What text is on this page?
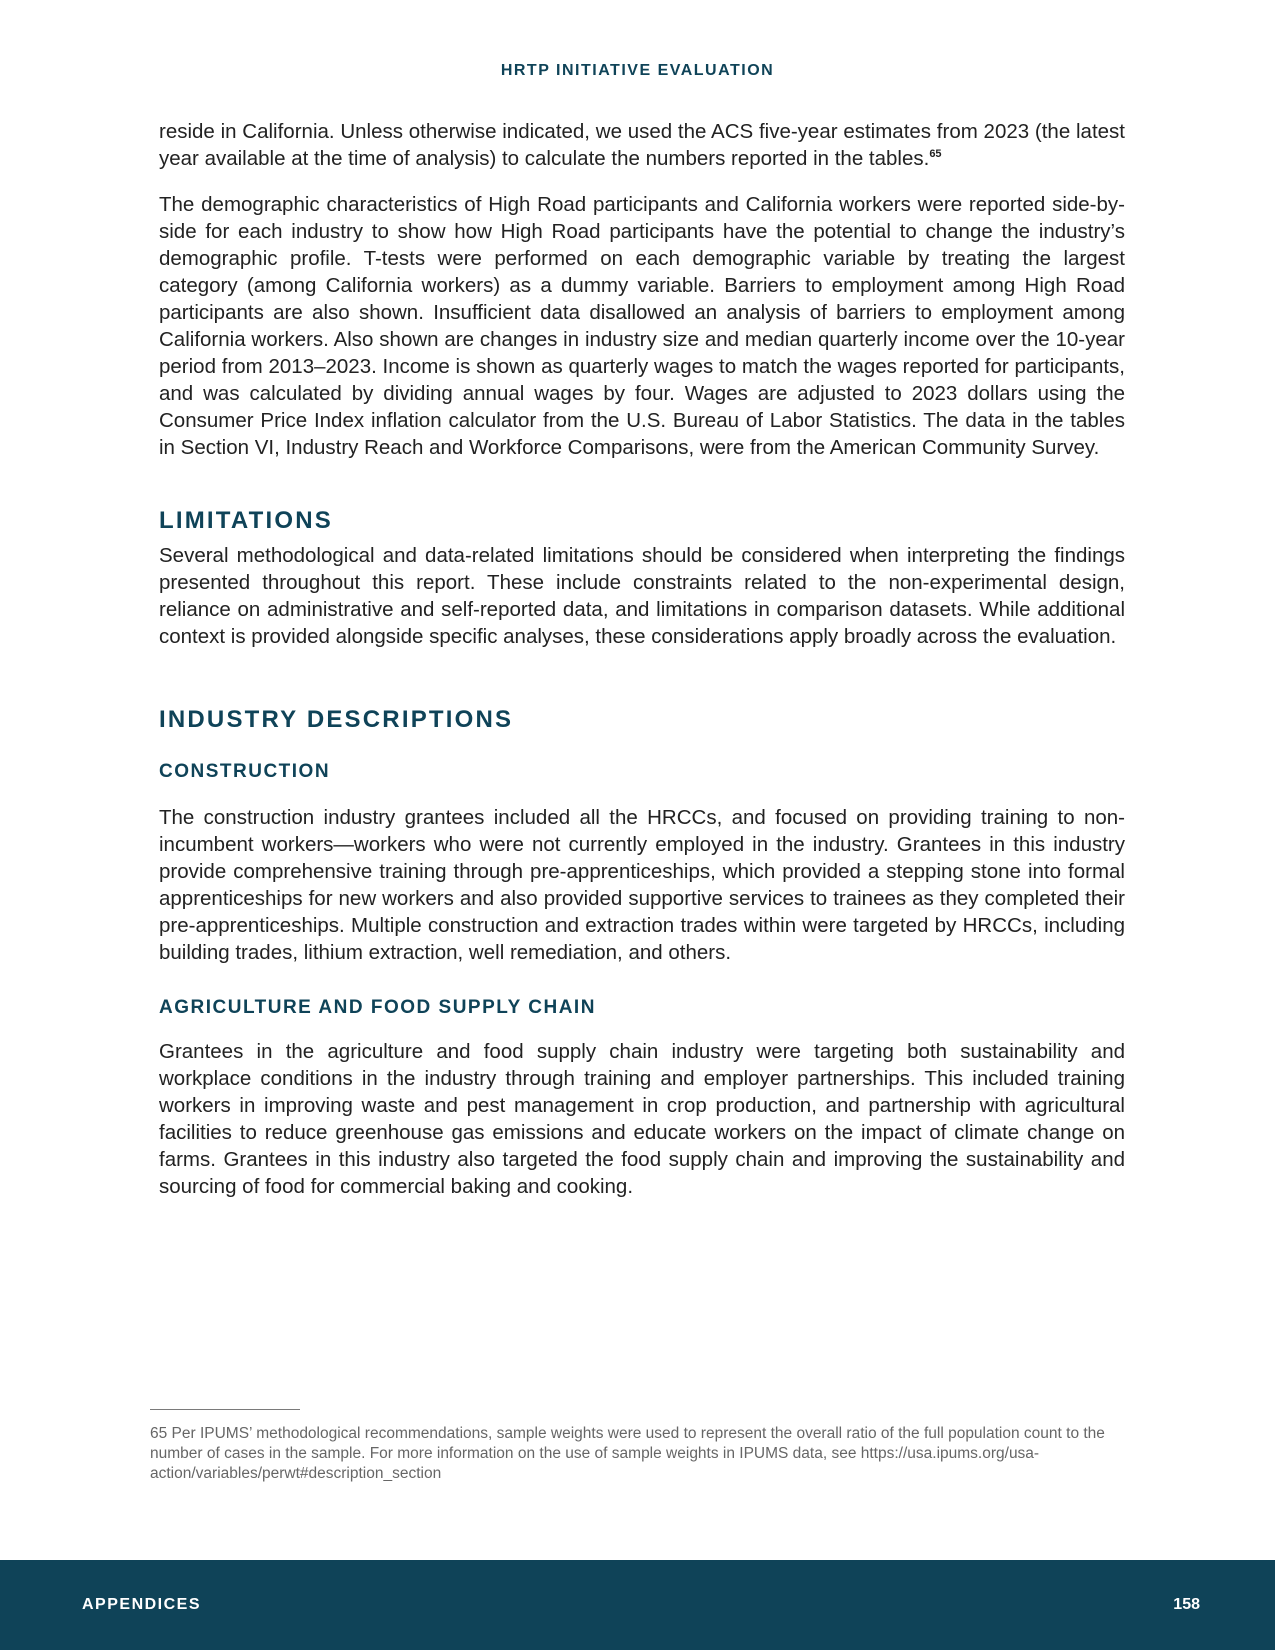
HRTP INITIATIVE EVALUATION

reside in California. Unless otherwise indicated, we used the ACS five-year estimates from 2023 (the latest year available at the time of analysis) to calculate the numbers reported in the tables.$^{65}$

The demographic characteristics of High Road participants and California workers were reported side-by-side for each industry to show how High Road participants have the potential to change the industry’s demographic profile. T-tests were performed on each demographic variable by treating the largest category (among California workers) as a dummy variable. Barriers to employment among High Road participants are also shown. Insufficient data disallowed an analysis of barriers to employment among California workers. Also shown are changes in industry size and median quarterly income over the 10-year period from 2013–2023. Income is shown as quarterly wages to match the wages reported for participants, and was calculated by dividing annual wages by four. Wages are adjusted to 2023 dollars using the Consumer Price Index inflation calculator from the U.S. Bureau of Labor Statistics. The data in the tables in Section VI, Industry Reach and Workforce Comparisons, were from the American Community Survey.

LIMITATIONS

Several methodological and data-related limitations should be considered when interpreting the findings presented throughout this report. These include constraints related to the non-experimental design, reliance on administrative and self-reported data, and limitations in comparison datasets. While additional context is provided alongside specific analyses, these considerations apply broadly across the evaluation.

INDUSTRY DESCRIPTIONS
CONSTRUCTION

The construction industry grantees included all the HRCCs, and focused on providing training to non-incumbent workers—workers who were not currently employed in the industry. Grantees in this industry provide comprehensive training through pre-apprenticeships, which provided a stepping stone into formal apprenticeships for new workers and also provided supportive services to trainees as they completed their pre-apprenticeships. Multiple construction and extraction trades within were targeted by HRCCs, including building trades, lithium extraction, well remediation, and others.

AGRICULTURE AND FOOD SUPPLY CHAIN

Grantees in the agriculture and food supply chain industry were targeting both sustainability and workplace conditions in the industry through training and employer partnerships. This included training workers in improving waste and pest management in crop production, and partnership with agricultural facilities to reduce greenhouse gas emissions and educate workers on the impact of climate change on farms. Grantees in this industry also targeted the food supply chain and improving the sustainability and sourcing of food for commercial baking and cooking.

65 Per IPUMS’ methodological recommendations, sample weights were used to represent the overall ratio of the full population count to the number of cases in the sample. For more information on the use of sample weights in IPUMS data, see https://usa.ipums.org/usa-action/variables/perwt#description_section
APPENDICES	158
